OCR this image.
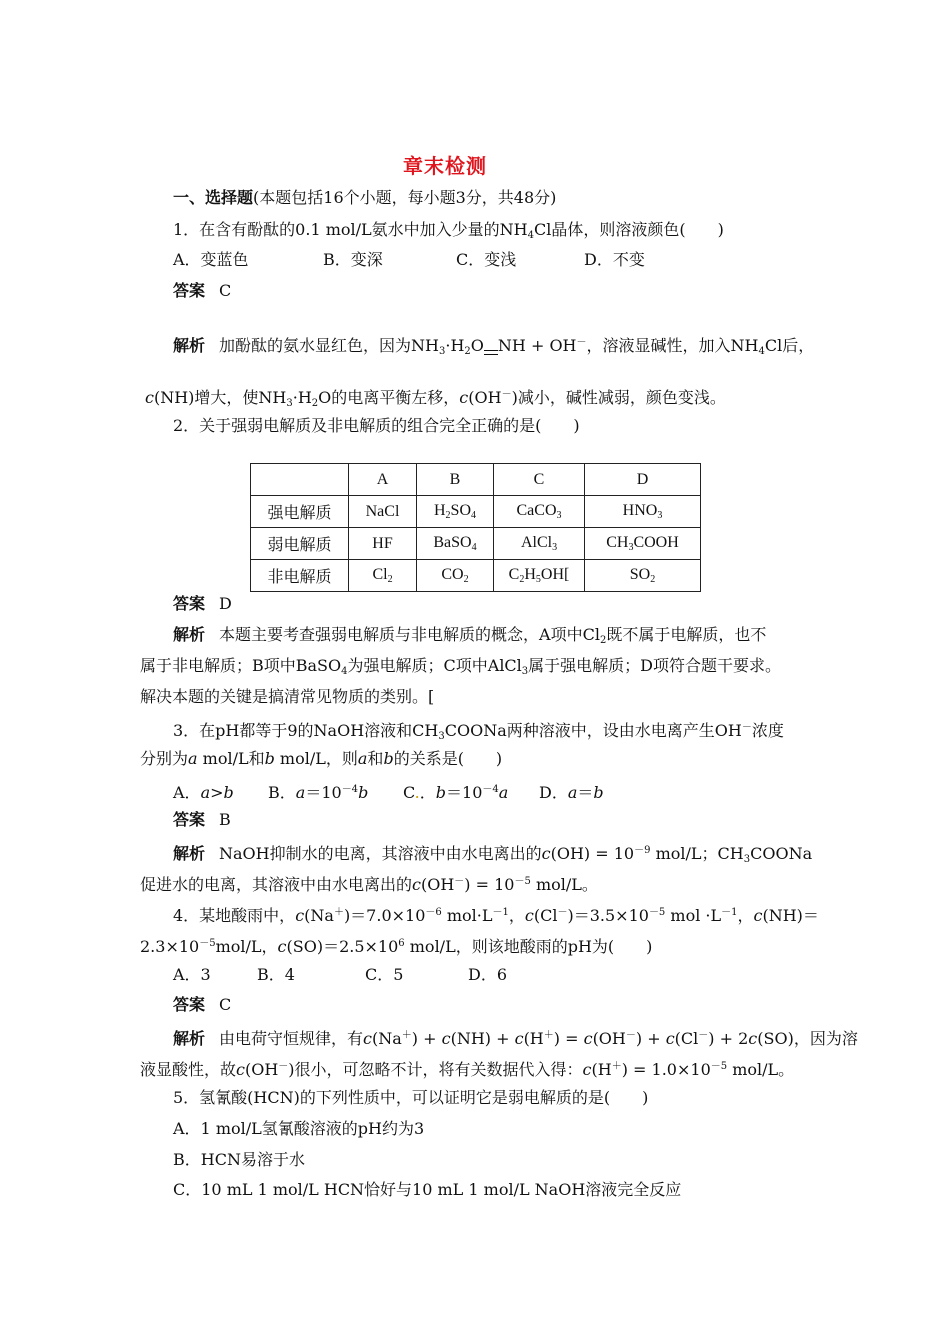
章末检测
一、选择题(本题包括16个小题，每小题3分，共48分)
1．在含有酚酞的0.1 mol/L氨水中加入少量的$NH_4Cl$晶体，则溶液颜色(　　)
A．变蓝色	B．变深	C．变浅	D．不变
答案 C
解析 加酚酞的氨水显红色，因为$NH_3\cdot H_2O$ NH + OH－，溶液显碱性，加入$NH_4Cl$后，
c(NH)增大，使$NH_3\cdot H_2O$的电离平衡左移，c(OH－)减小，碱性减弱，颜色变浅。
2．关于强弱电解质及非电解质的组合完全正确的是(　　)
	A	B	C	D
强电解质	NaCl	$H_2SO_4$	CaCO$_3$	$HNO_3$
弱电解质	HF	BaSO$_4$	AlCl$_3$	$CH_3COOH$
非电解质	$Cl_2$	$CO_2$	$C_2H_5OH$[	$SO_2$
答案 D
解析 本题主要考查强弱电解质与非电解质的概念，A项中$Cl_2$既不属于电解质，也不
属于非电解质；B项中BaSO$_4$为强电解质；C项中AlCl$_3$属于强电解质；D项符合题干要求。
解决本题的关键是搞清常见物质的类别。[
3．在pH都等于9的NaOH溶液和$CH_3COONa$两种溶液中，设由水电离产生OH－浓度
分别为a mol/L和b mol/L，则a和b的关系是(　　)
A．a>b B．$a=10^{-4}b$ C.．$b=10^{-4}a$ D．a＝b
答案 B
解析 NaOH抑制水的电离，其溶液中由水电离出的$c(OH) = 10^{-9}$ mol/L；$CH_3COONa$
促进水的电离，其溶液中由水电离出的$c(OH^-) = 10^{-5}$ mol/L。
4．某地酸雨中，$c(Na^+)=7.0\times 10^{-6}$ $mol\cdot L^{-1}$，$c(Cl^-)=3.5\times 10^{-5}$ mol $\cdot L^{-1}$，c(NH)＝
$2.3\times 10^{-5}mol/L$，$c(SO)=2.5\times 10^6$ mol/L，则该地酸雨的pH为(　　)
A．3	B．4	C．5	D．6
答案 C
解析 由电荷守恒规律，有c(Na＋) + c(NH) + c(H＋) = c(OH－) + c(Cl－) + 2c(SO)，因为溶
液显酸性，故c(OH－)很小，可忽略不计，将有关数据代入得：$c(H^+) = 1.0\times 10^{-5}$ mol/L。
5．氢氰酸(HCN)的下列性质中，可以证明它是弱电解质的是(　　)
A．1 mol/L氢氰酸溶液的pH约为3
B．HCN易溶于水
C．10 mL 1 mol/L HCN恰好与10 mL 1 mol/L NaOH溶液完全反应
